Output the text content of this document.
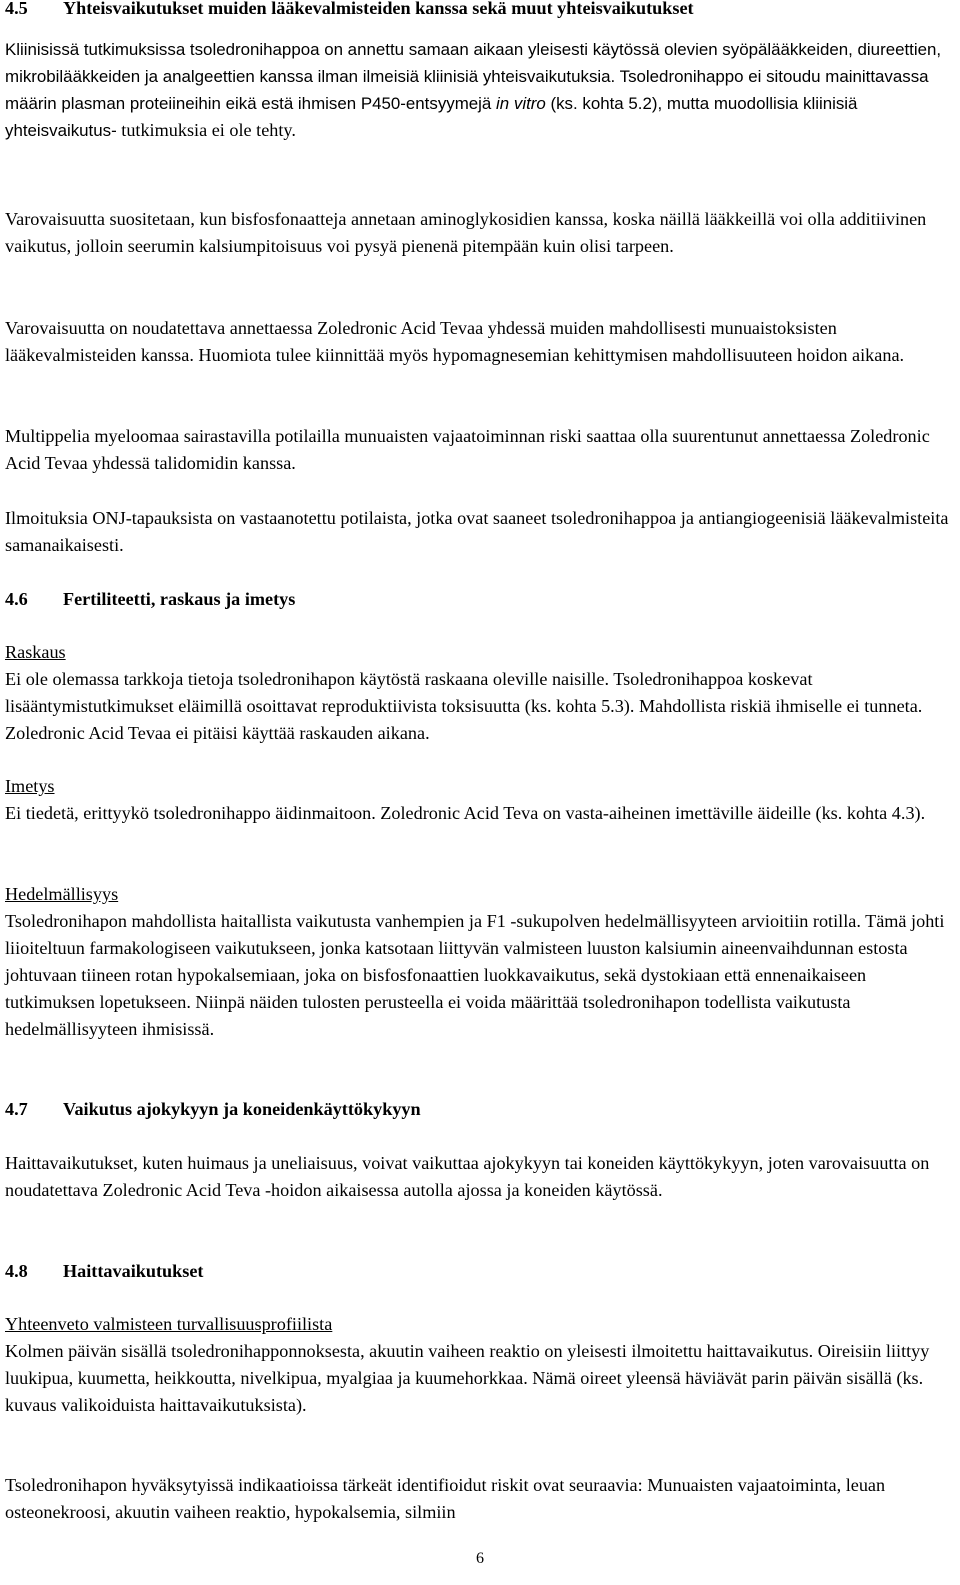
4.5 Yhteisvaikutukset muiden lääkevalmisteiden kanssa sekä muut yhteisvaikutukset

Kliinisissä tutkimuksissa tsoledronihappoa on annettu samaan aikaan yleisesti käytössä olevien syöpälääkkeiden, diureettien, mikrobilääkkeiden ja analgeettien kanssa ilman ilmeisiä kliinisiä yhteisvaikutuksia. Tsoledronihappo ei sitoudu mainittavassa määrin plasman proteiineihin eikä estä ihmisen P450-entsyymejä in vitro (ks. kohta 5.2), mutta muodollisia kliinisiä yhteisvaikutus- tutkimuksia ei ole tehty.

Varovaisuutta suositetaan, kun bisfosfonaatteja annetaan aminoglykosidien kanssa, koska näillä lääkkeillä voi olla additiivinen vaikutus, jolloin seerumin kalsiumpitoisuus voi pysyä pienenä pitempään kuin olisi tarpeen.

Varovaisuutta on noudatettava annettaessa Zoledronic Acid Tevaa yhdessä muiden mahdollisesti munuaistoksisten lääkevalmisteiden kanssa. Huomiota tulee kiinnittää myös hypomagnesemian kehittymisen mahdollisuuteen hoidon aikana.

Multippelia myeloomaa sairastavilla potilailla munuaisten vajaatoiminnan riski saattaa olla suurentunut annettaessa Zoledronic Acid Tevaa yhdessä talidomidin kanssa.

Ilmoituksia ONJ-tapauksista on vastaanotettu potilaista, jotka ovat saaneet tsoledronihappoa ja antiangiogeenisiä lääkevalmisteita samanaikaisesti.

4.6 Fertiliteetti, raskaus ja imetys

Raskaus
Ei ole olemassa tarkkoja tietoja tsoledronihapon käytöstä raskaana oleville naisille. Tsoledronihappoa koskevat lisääntymistutkimukset eläimillä osoittavat reproduktiivista toksisuutta (ks. kohta 5.3). Mahdollista riskiä ihmiselle ei tunneta. Zoledronic Acid Tevaa ei pitäisi käyttää raskauden aikana.

Imetys
Ei tiedetä, erittyykö tsoledronihappo äidinmaitoon. Zoledronic Acid Teva on vasta-aiheinen imettäville äideille (ks. kohta 4.3).

Hedelmällisyys
Tsoledronihapon mahdollista haitallista vaikutusta vanhempien ja F1 -sukupolven hedelmällisyyteen arvioitiin rotilla. Tämä johti liioiteltuun farmakologiseen vaikutukseen, jonka katsotaan liittyvän valmisteen luuston kalsiumin aineenvaihdunnan estosta johtuvaan tiineen rotan hypokalsemiaan, joka on bisfosfonaattien luokkavaikutus, sekä dystokiaan että ennenaikaiseen tutkimuksen lopetukseen. Niinpä näiden tulosten perusteella ei voida määrittää tsoledronihapon todellista vaikutusta hedelmällisyyteen ihmisissä.

4.7 Vaikutus ajokykyyn ja koneidenkäyttökykyyn

Haittavaikutukset, kuten huimaus ja uneliaisuus, voivat vaikuttaa ajokykyyn tai koneiden käyttökykyyn, joten varovaisuutta on noudatettava Zoledronic Acid Teva -hoidon aikaisessa autolla ajossa ja koneiden käytössä.

4.8 Haittavaikutukset

Yhteenveto valmisteen turvallisuusprofiilista
Kolmen päivän sisällä tsoledronihapponnoksesta, akuutin vaiheen reaktio on yleisesti ilmoitettu haittavaikutus. Oireisiin liittyy luukipua, kuumetta, heikkoutta, nivelkipua, myalgiaa ja kuumehorkkaa. Nämä oireet yleensä häviävät parin päivän sisällä (ks. kuvaus valikoiduista haittavaikutuksista).

Tsoledronihapon hyväksytyissä indikaatioissa tärkeät identifioidut riskit ovat seuraavia: Munuaisten vajaatoiminta, leuan osteonekroosi, akuutin vaiheen reaktio, hypokalsemia, silmiin

6
